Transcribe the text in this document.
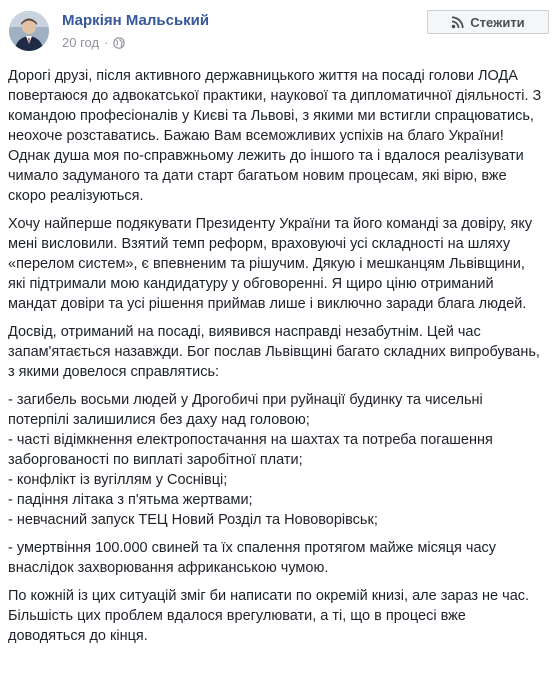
Маркіян Мальський
20 год ·
Стежити

Дорогі друзі, після активного державницького життя на посаді голови ЛОДА повертаюся до адвокатської практики, наукової та дипломатичної діяльності. З командою професіоналів у Києві та Львові, з якими ми встигли спрацюватись, неохоче розставатись. Бажаю Вам всеможливих успіхів на благо України! Однак душа моя по-справжньому лежить до іншого та і вдалося реалізувати чимало задуманого та дати старт багатьом новим процесам, які вірю, вже скоро реалізуються.

Хочу найперше подякувати Президенту України та його команді за довіру, яку мені висловили. Взятий темп реформ, враховуючі усі складності на шляху «перелом систем», є впевненим та рішучим. Дякую і мешканцям Львівщини, які підтримали мою кандидатуру у обговоренні. Я щиро ціню отриманий мандат довіри та усі рішення приймав лише і виключно заради блага людей.

Досвід, отриманий на посаді, виявився насправді незабутнім. Цей час запам'ятається назавжди. Бог послав Львівщині багато складних випробувань, з якими довелося справлятись:

- загибель восьми людей у Дрогобичі при руйнації будинку та чисельні потерпілі залишилися без даху над головою;
- часті відімкнення електропостачання на шахтах та потреба погашення заборгованості по виплаті заробітної плати;
- конфлікт із вугіллям у Соснівці;
- падіння літака з п'ятьма жертвами;
- невчасний запуск ТЕЦ Новий Розділ та Нововорівськ;

- умертвіння 100.000 свиней та їх спалення протягом майже місяця часу внаслідок захворювання африканською чумою.

По кожній із цих ситуацій зміг би написати по окремій книзі, але зараз не час. Більшість цих проблем вдалося врегулювати, а ті, що в процесі вже доводяться до кінця.
